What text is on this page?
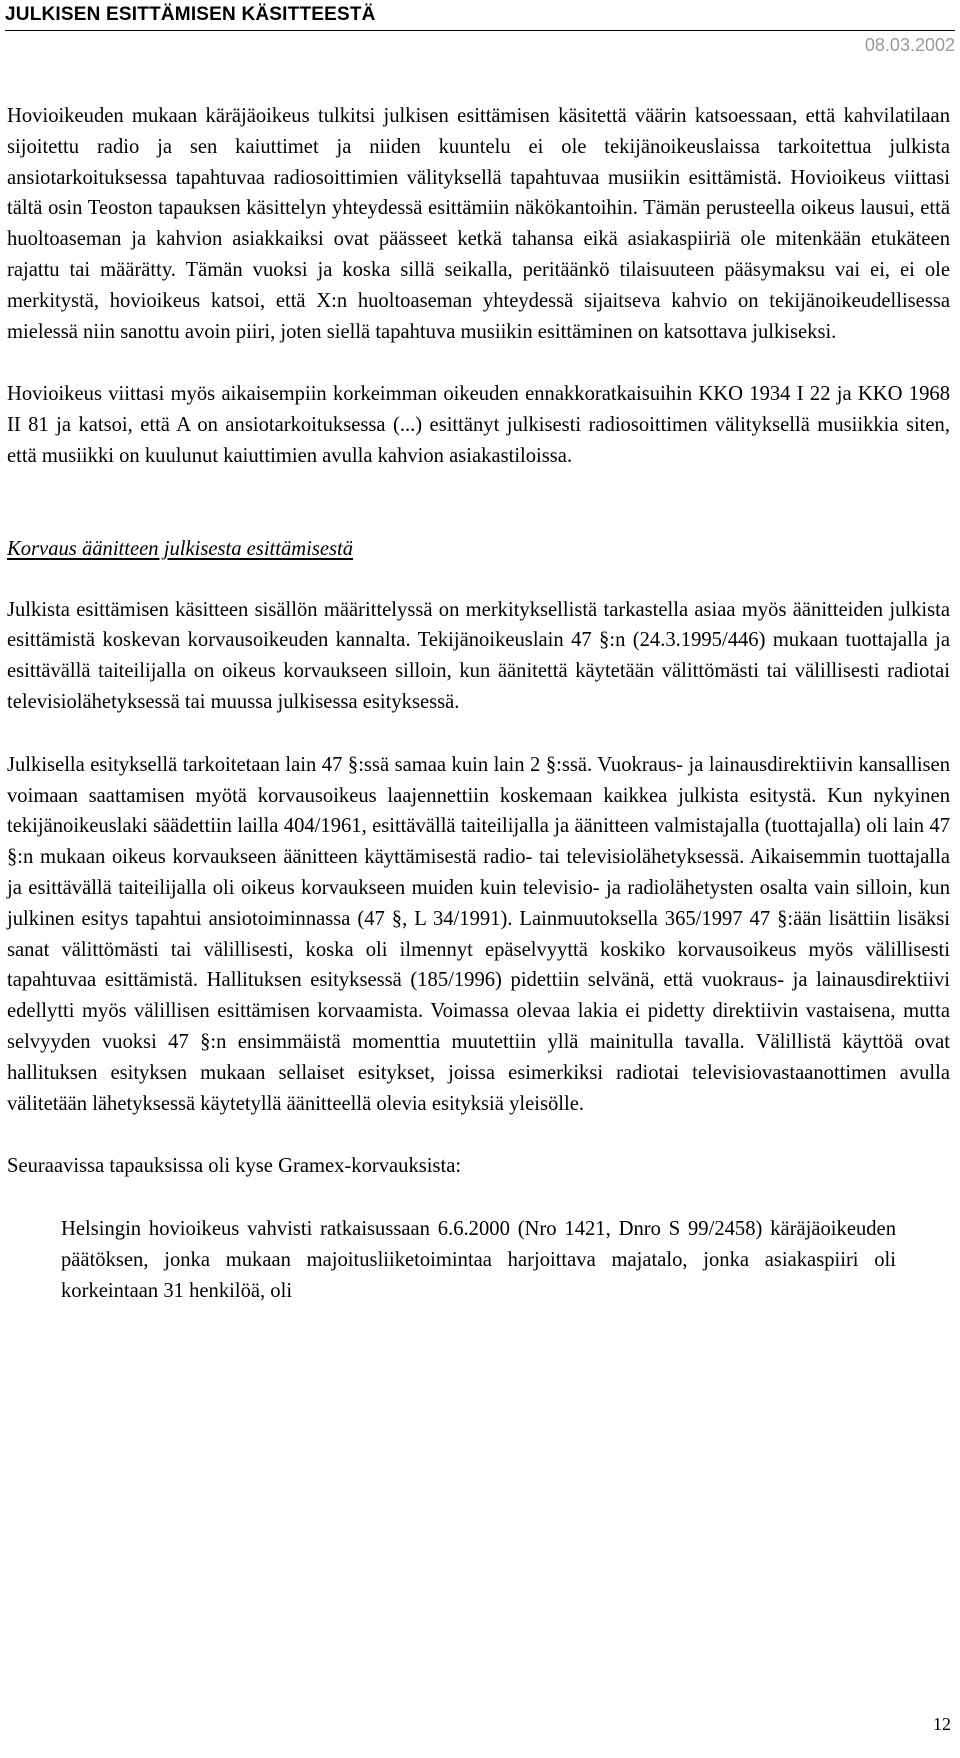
JULKISEN ESITTÄMISEN KÄSITTEESTÄ
08.03.2002

Hovioikeuden mukaan käräjäoikeus tulkitsi julkisen esittämisen käsitettä väärin katsoessaan, että kahvilatilaan sijoitettu radio ja sen kaiuttimet ja niiden kuuntelu ei ole tekijänoikeuslaissa tarkoitettua julkista ansiotarkoituksessa tapahtuvaa radiosoittimien välityksellä tapahtuvaa musiikin esittämistä. Hovioikeus viittasi tältä osin Teoston tapauksen käsittelyn yhteydessä esittämiin näkökantoihin. Tämän perusteella oikeus lausui, että huoltoaseman ja kahvion asiakkaiksi ovat päässeet ketkä tahansa eikä asiakaspiiriä ole mitenkään etukäteen rajattu tai määrätty. Tämän vuoksi ja koska sillä seikalla, peritäänkö tilaisuuteen pääsymaksu vai ei, ei ole merkitystä, hovioikeus katsoi, että X:n huoltoaseman yhteydessä sijaitseva kahvio on tekijänoikeudellisessa mielessä niin sanottu avoin piiri, joten siellä tapahtuva musiikin esittäminen on katsottava julkiseksi.

Hovioikeus viittasi myös aikaisempiin korkeimman oikeuden ennakkoratkaisuihin KKO 1934 I 22 ja KKO 1968 II 81 ja katsoi, että A on ansiotarkoituksessa (...) esittänyt julkisesti radiosoittimen välityksellä musiikkia siten, että musiikki on kuulunut kaiuttimien avulla kahvion asiakastiloissa.

Korvaus äänitteen julkisesta esittämisestä

Julkista esittämisen käsitteen sisällön määrittelyssä on merkityksellistä tarkastella asiaa myös äänitteiden julkista esittämistä koskevan korvausoikeuden kannalta. Tekijänoikeuslain 47 §:n (24.3.1995/446) mukaan tuottajalla ja esittävällä taiteilijalla on oikeus korvaukseen silloin, kun äänitettä käytetään välittömästi tai välillisesti radiotai televisiolähetyksessä tai muussa julkisessa esityksessä.

Julkisella esityksellä tarkoitetaan lain 47 §:ssä samaa kuin lain 2 §:ssä. Vuokraus- ja lainausdirektiivin kansallisen voimaan saattamisen myötä korvausoikeus laajennettiin koskemaan kaikkea julkista esitystä. Kun nykyinen tekijänoikeuslaki säädettiin lailla 404/1961, esittävällä taiteilijalla ja äänitteen valmistajalla (tuottajalla) oli lain 47 §:n mukaan oikeus korvaukseen äänitteen käyttämisestä radio- tai televisiolähetyksessä. Aikaisemmin tuottajalla ja esittävällä taiteilijalla oli oikeus korvaukseen muiden kuin televisio- ja radiolähetysten osalta vain silloin, kun julkinen esitys tapahtui ansiotoiminnassa (47 §, L 34/1991). Lainmuutoksella 365/1997 47 §:ään lisättiin lisäksi sanat välittömästi tai välillisesti, koska oli ilmennyt epäselvyyttä koskiko korvausoikeus myös välillisesti tapahtuvaa esittämistä. Hallituksen esityksessä (185/1996) pidettiin selvänä, että vuokraus- ja lainausdirektiivi edellytti myös välillisen esittämisen korvaamista. Voimassa olevaa lakia ei pidetty direktiivin vastaisena, mutta selvyyden vuoksi 47 §:n ensimmäistä momenttia muutettiin yllä mainitulla tavalla. Välillistä käyttöä ovat hallituksen esityksen mukaan sellaiset esitykset, joissa esimerkiksi radiotai televisiovastaanottimen avulla välitetään lähetyksessä käytetyllä äänitteellä olevia esityksiä yleisölle.

Seuraavissa tapauksissa oli kyse Gramex-korvauksista:

Helsingin hovioikeus vahvisti ratkaisussaan 6.6.2000 (Nro 1421, Dnro S 99/2458) käräjäoikeuden päätöksen, jonka mukaan majoitusliiketoimintaa harjoittava majatalo, jonka asiakaspiiri oli korkeintaan 31 henkilöä, oli

12
